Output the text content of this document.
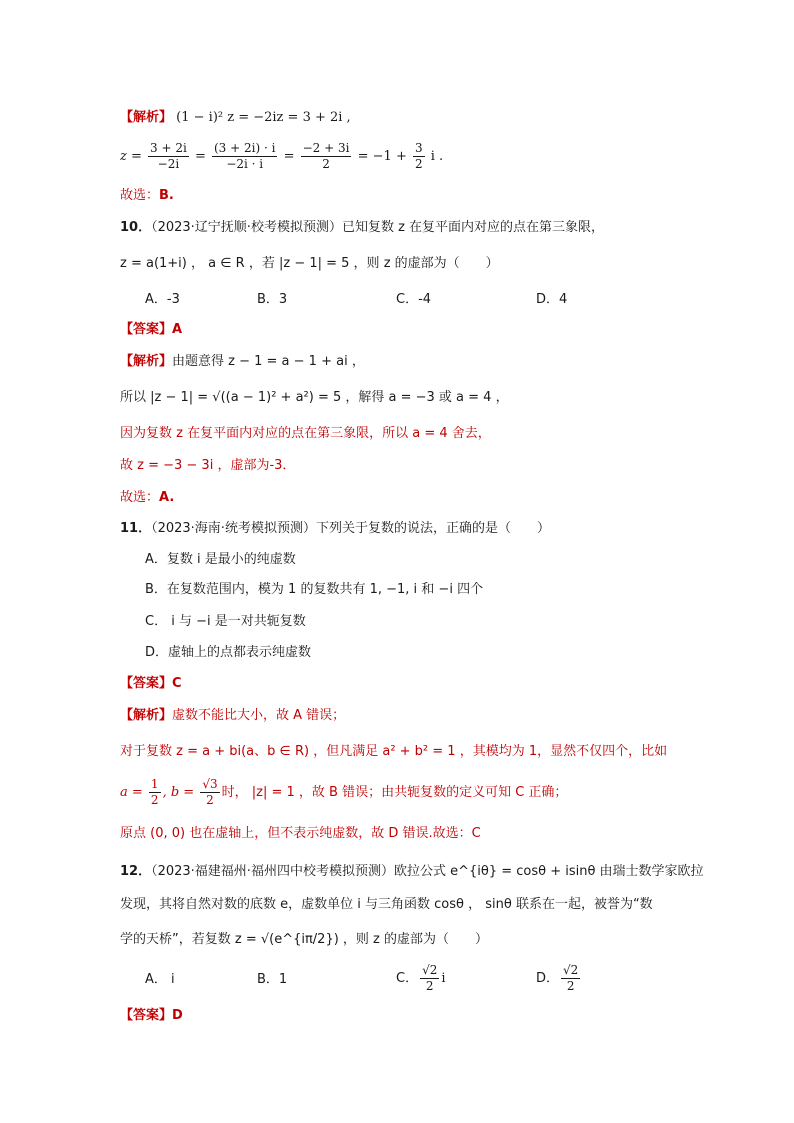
【解析】 (1 − i)² z = −2iz = 3 + 2i ,
$z = \frac{3 + 2i}{-2i} = \frac{(3 + 2i) \cdot i}{-2i \cdot i} = \frac{-2 + 3i}{2} = -1 + \frac{3}{2}$ i .
故选：B.
10．（2023·辽宁抚顺·校考模拟预测）已知复数 z 在复平面内对应的点在第三象限，
z = a(1+i) ， a ∈ R ，若 |z − 1| = 5 ，则 z 的虚部为（　　）
A．-3	B．3	C．-4	D．4
【答案】A
【解析】由题意得 z − 1 = a − 1 + ai ，
所以 |z − 1| = √((a − 1)² + a²) = 5 ，解得 a = −3 或 a = 4 ，
因为复数 z 在复平面内对应的点在第三象限，所以 a = 4 舍去，
故 z = −3 − 3i ，虚部为-3．
故选：A.
11．（2023·海南·统考模拟预测）下列关于复数的说法，正确的是（　　）
A．复数 i 是最小的纯虚数
B．在复数范围内，模为 1 的复数共有 1, −1, i 和 −i 四个
C． i 与 −i 是一对共轭复数
D．虚轴上的点都表示纯虚数
【答案】C
【解析】虚数不能比大小，故 A 错误；
对于复数 z = a + bi(a、b ∈ R) ，但凡满足 a² + b² = 1 ，其模均为 1，显然不仅四个，比如
$a = \frac{1}{2}$ , $b = \frac{√3}{2}$ 时， |z| = 1 ，故 B 错误；由共轭复数的定义可知 C 正确；
原点 (0, 0) 也在虚轴上，但不表示纯虚数，故 D 错误.故选：C
12．（2023·福建福州·福州四中校考模拟预测）欧拉公式 e^{iθ} = cosθ + isinθ 由瑞士数学家欧拉
发现，其将自然对数的底数 e，虚数单位 i 与三角函数 cosθ ， sinθ 联系在一起，被誉为“数
学的天桥”，若复数 z = √(e^{iπ/2}) ，则 z 的虚部为（　　）
A． i	B．1	C． $\frac{√2}{2}$ i	D． $\frac{√2}{2}$
【答案】D
